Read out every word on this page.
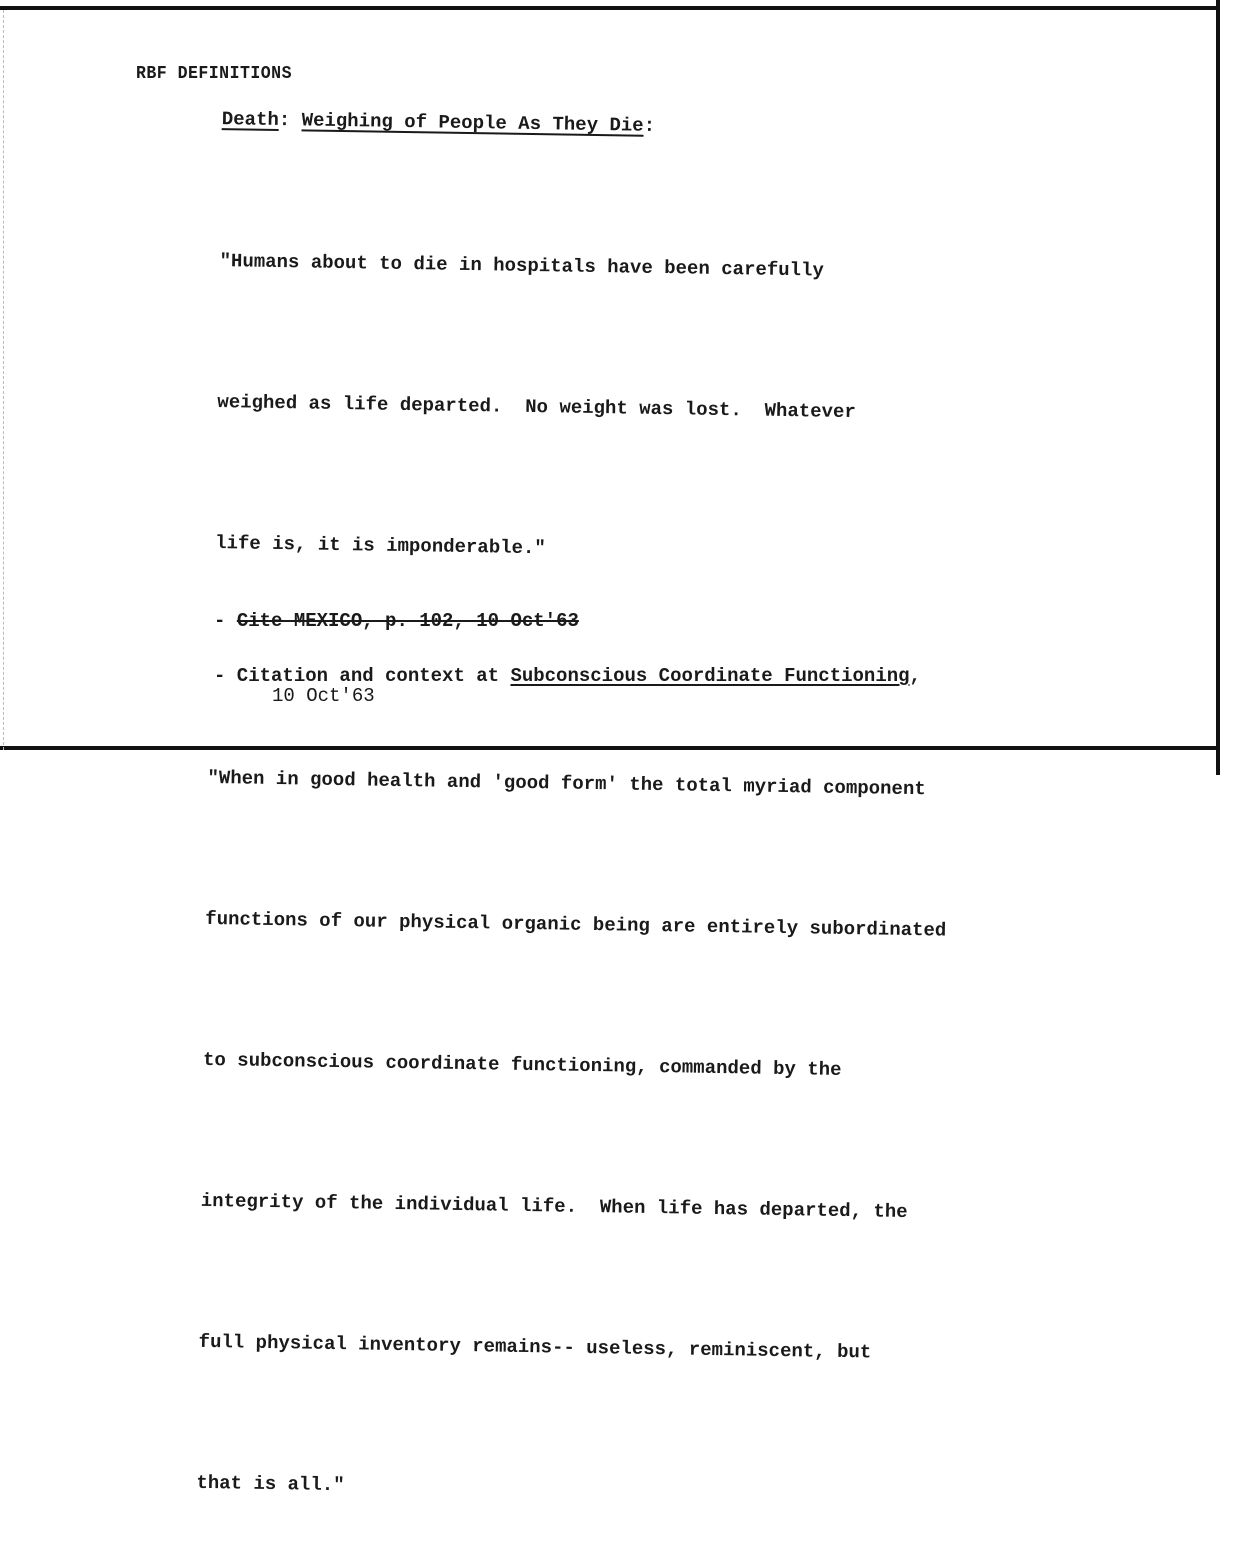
RBF DEFINITIONS
Death: Weighing of People As They Die:

"Humans about to die in hospitals have been carefully

weighed as life departed.  No weight was lost.  Whatever

life is, it is imponderable."

"When in good health and 'good form' the total myriad component

functions of our physical organic being are entirely subordinated

to subconscious coordinate functioning, commanded by the

integrity of the individual life.  When life has departed, the

full physical inventory remains-- useless, reminiscent, but

that is all."

- Cite MEXICO, p. 102, 10 Oct'63
- Citation and context at Subconscious Coordinate Functioning,
10 Oct'63
